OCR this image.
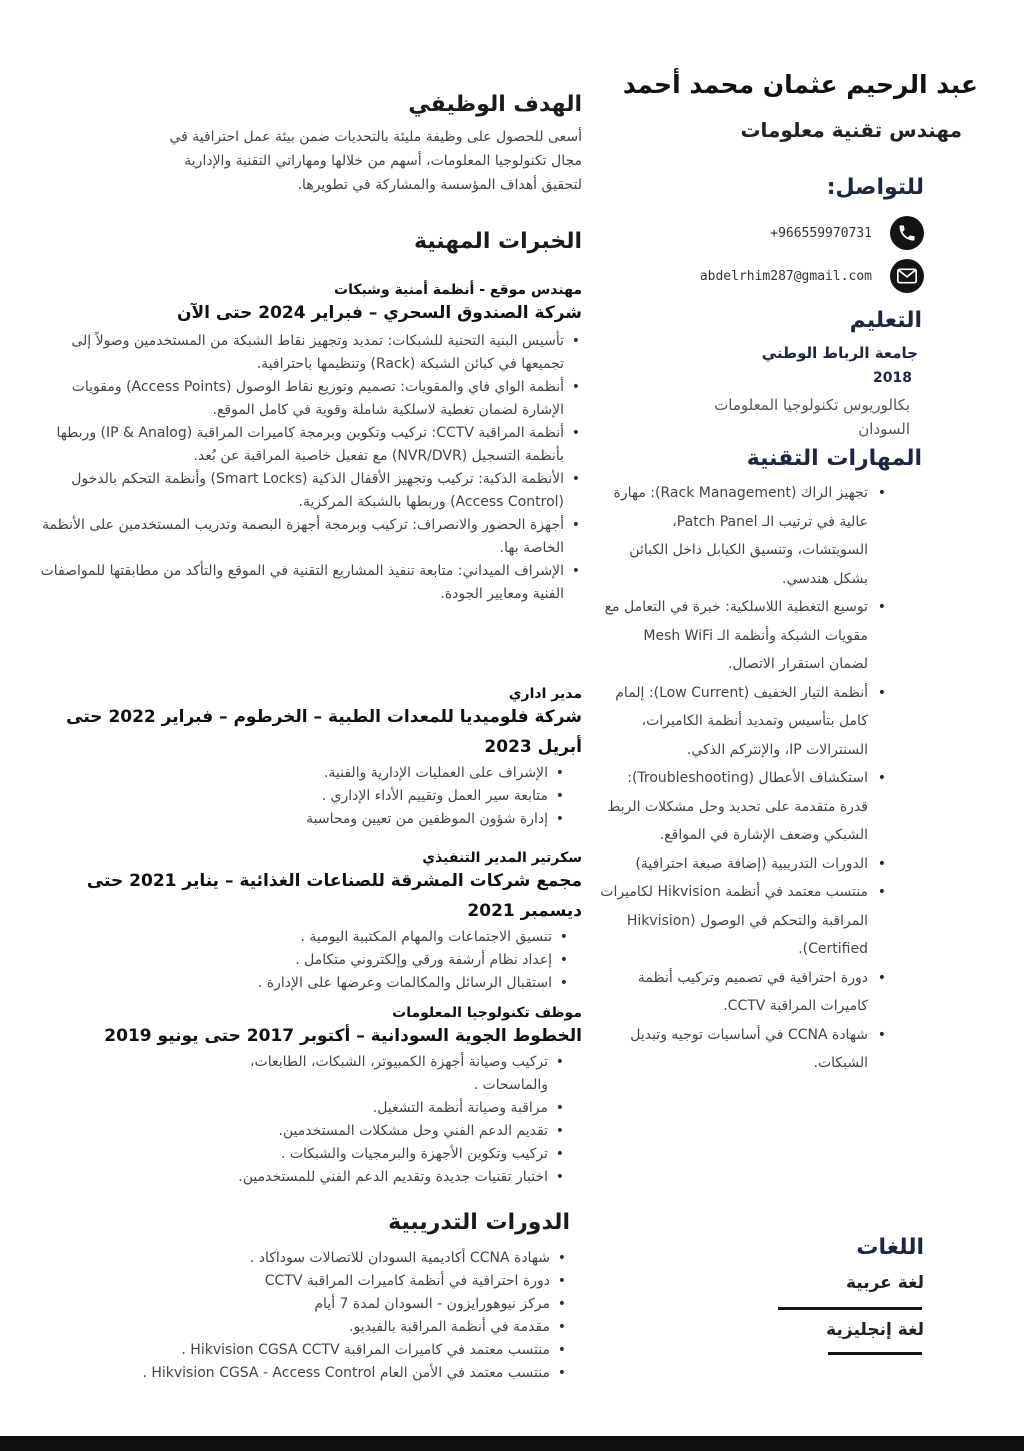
عبد الرحيم عثمان محمد أحمد
مهندس تقنية معلومات
للتواصل:
+966559970731
abdelrhim287@gmail.com
التعليم
جامعة الرباط الوطني
2018
بكالوريوس تكنولوجيا المعلومات
السودان
المهارات التقنية
• تجهيز الراك (Rack Management): مهارة عالية في ترتيب الـ Patch Panel، السويتشات، وتنسيق الكيابل داخل الكبائن بشكل هندسي.
• توسيع التغطية اللاسلكية: خبرة في التعامل مع مقويات الشبكة وأنظمة الـ Mesh WiFi لضمان استقرار الاتصال.
• أنظمة التيار الخفيف (Low Current): إلمام كامل بتأسيس وتمديد أنظمة الكاميرات، السنترالات IP، والإنتركم الذكي.
• استكشاف الأعطال (Troubleshooting): قدرة متقدمة على تحديد وحل مشكلات الربط الشبكي وضعف الإشارة في المواقع.
• الدورات التدريبية (إضافة صبغة احترافية)
• منتسب معتمد في أنظمة Hikvision لكاميرات المراقبة والتحكم في الوصول (Hikvision Certified).
• دورة احترافية في تصميم وتركيب أنظمة كاميرات المراقبة CCTV.
• شهادة CCNA في أساسيات توجيه وتبديل الشبكات.
اللغات
لغة عربية
لغة إنجليزية
الهدف الوظيفي
أسعى للحصول على وظيفة مليئة بالتحديات ضمن بيئة عمل احترافية في مجال تكنولوجيا المعلومات، أسهم من خلالها ومهاراتي التقنية والإدارية لتحقيق أهداف المؤسسة والمشاركة في تطويرها.
الخبرات المهنية
مهندس موقع - أنظمة أمنية وشبكات
شركة الصندوق السحري – فبراير 2024 حتى الآن
• تأسيس البنية التحتية للشبكات: تمديد وتجهيز نقاط الشبكة من المستخدمين وصولاً إلى تجميعها في كبائن الشبكة (Rack) وتنظيمها باحترافية.
• أنظمة الواي فاي والمقويات: تصميم وتوزيع نقاط الوصول (Access Points) ومقويات الإشارة لضمان تغطية لاسلكية شاملة وقوية في كامل الموقع.
• أنظمة المراقبة CCTV: تركيب وتكوين وبرمجة كاميرات المراقبة (IP & Analog) وربطها بأنظمة التسجيل (NVR/DVR) مع تفعيل خاصية المراقبة عن بُعد.
• الأنظمة الذكية: تركيب وتجهيز الأقفال الذكية (Smart Locks) وأنظمة التحكم بالدخول (Access Control) وربطها بالشبكة المركزية.
• أجهزة الحضور والانصراف: تركيب وبرمجة أجهزة البصمة وتدريب المستخدمين على الأنظمة الخاصة بها.
• الإشراف الميداني: متابعة تنفيذ المشاريع التقنية في الموقع والتأكد من مطابقتها للمواصفات الفنية ومعايير الجودة.
مدير اداري
شركة فلوميديا للمعدات الطبية – الخرطوم – فبراير 2022 حتى أبريل 2023
• الإشراف على العمليات الإدارية والفنية.
• متابعة سير العمل وتقييم الأداء الإداري .
• إدارة شؤون الموظفين من تعيين ومحاسبة
سكرتير المدير التنفيذي
مجمع شركات المشرقة للصناعات الغذائية – يناير 2021 حتى ديسمبر 2021
• تنسيق الاجتماعات والمهام المكتبية اليومية .
• إعداد نظام أرشفة ورقي وإلكتروني متكامل .
• استقبال الرسائل والمكالمات وعرضها على الإدارة .
موظف تكنولوجيا المعلومات
الخطوط الجوية السودانية – أكتوبر 2017 حتى يونيو 2019
• تركيب وصيانة أجهزة الكمبيوتر، الشبكات، الطابعات، والماسحات .
• مراقبة وصيانة أنظمة التشغيل.
• تقديم الدعم الفني وحل مشكلات المستخدمين.
• تركيب وتكوين الأجهزة والبرمجيات والشبكات .
• اختبار تقنيات جديدة وتقديم الدعم الفني للمستخدمين.
الدورات التدريبية
• شهادة CCNA أكاديمية السودان للاتصالات سوداكاد .
• دورة احترافية في أنظمة كاميرات المراقبة CCTV
• مركز نيوهورايزون - السودان لمدة 7 أيام
• مقدمة في أنظمة المراقبة بالفيديو.
• منتسب معتمد في كاميرات المراقبة Hikvision CGSA CCTV .
• منتسب معتمد في الأمن العام Hikvision CGSA - Access Control .
